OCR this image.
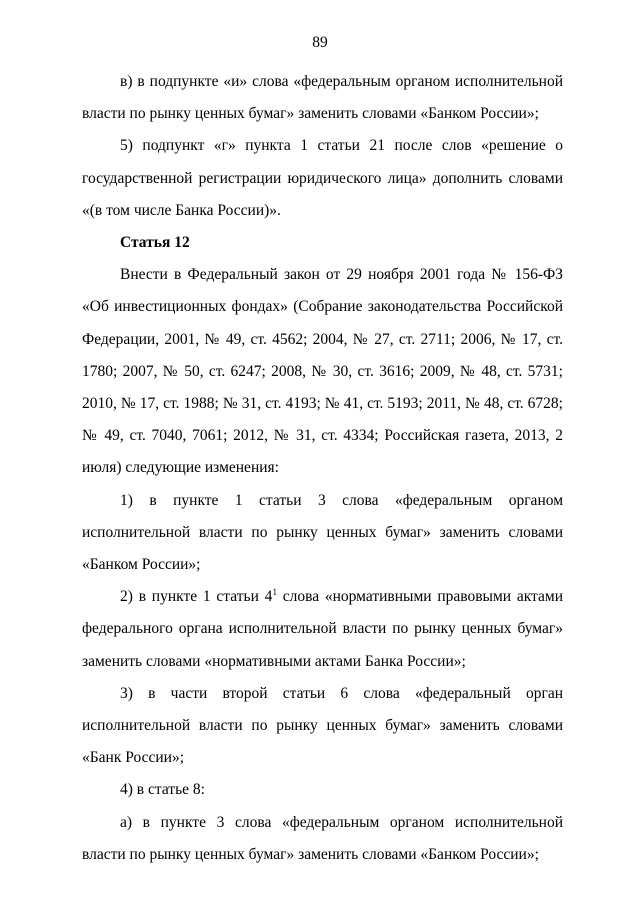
89

в) в подпункте «и» слова «федеральным органом исполнительной власти по рынку ценных бумаг» заменить словами «Банком России»;

5) подпункт «г» пункта 1 статьи 21 после слов «решение о государственной регистрации юридического лица» дополнить словами «(в том числе Банка России)».

Статья 12

Внести в Федеральный закон от 29 ноября 2001 года № 156-ФЗ «Об инвестиционных фондах» (Собрание законодательства Российской Федерации, 2001, № 49, ст. 4562; 2004, № 27, ст. 2711; 2006, № 17, ст. 1780; 2007, № 50, ст. 6247; 2008, № 30, ст. 3616; 2009, № 48, ст. 5731; 2010, № 17, ст. 1988; № 31, ст. 4193; № 41, ст. 5193; 2011, № 48, ст. 6728; № 49, ст. 7040, 7061; 2012, № 31, ст. 4334; Российская газета, 2013, 2 июля) следующие изменения:

1) в пункте 1 статьи 3 слова «федеральным органом исполнительной власти по рынку ценных бумаг» заменить словами «Банком России»;

2) в пункте 1 статьи $4^1$ слова «нормативными правовыми актами федерального органа исполнительной власти по рынку ценных бумаг» заменить словами «нормативными актами Банка России»;

3) в части второй статьи 6 слова «федеральный орган исполнительной власти по рынку ценных бумаг» заменить словами «Банк России»;

4) в статье 8:

а) в пункте 3 слова «федеральным органом исполнительной власти по рынку ценных бумаг» заменить словами «Банком России»;
